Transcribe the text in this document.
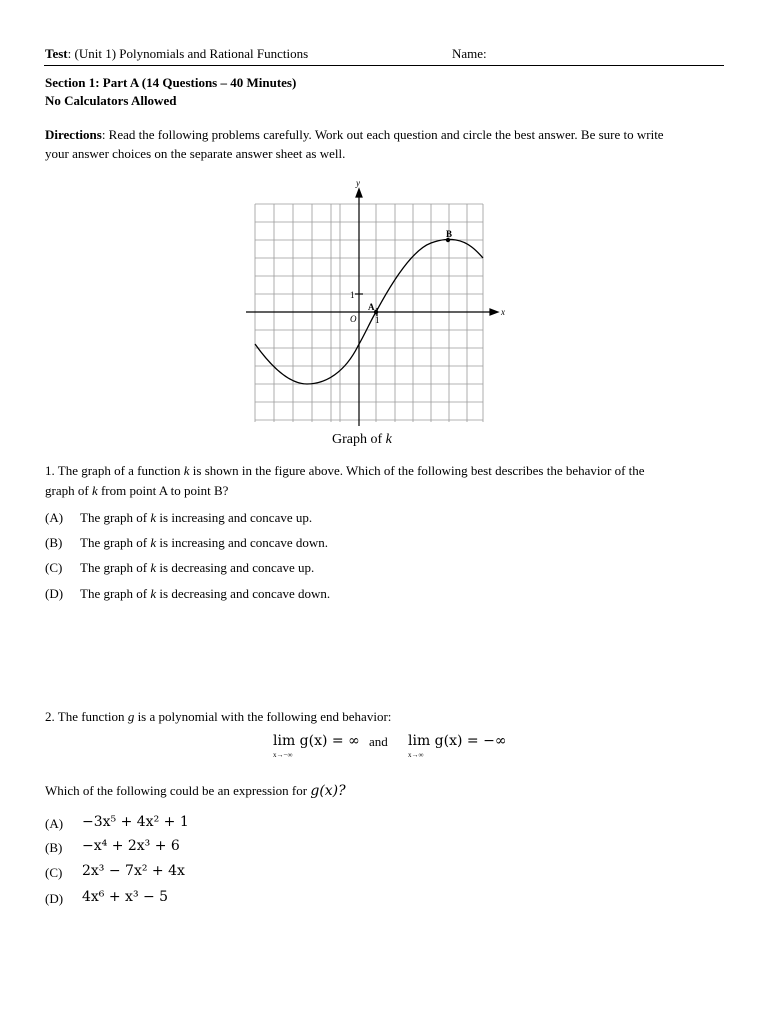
Test: (Unit 1) Polynomials and Rational Functions	Name:
Section 1: Part A (14 Questions – 40 Minutes)
No Calculators Allowed
Directions: Read the following problems carefully. Work out each question and circle the best answer. Be sure to write
your answer choices on the separate answer sheet as well.
y
x
O
1
1
A
B
Graph of k
1. The graph of a function k is shown in the figure above. Which of the following best describes the behavior of the
graph of k from point A to point B?
(A) The graph of k is increasing and concave up.
(B) The graph of k is increasing and concave down.
(C) The graph of k is decreasing and concave up.
(D) The graph of k is decreasing and concave down.
2. The function g is a polynomial with the following end behavior:
lim g(x) = ∞
x→−∞
and lim g(x) = −∞
x→∞
Which of the following could be an expression for g(x)?
(A) −3x⁵ + 4x² + 1
(B) −x⁴ + 2x³ + 6
(C) 2x³ − 7x² + 4x
(D) 4x⁶ + x³ − 5
